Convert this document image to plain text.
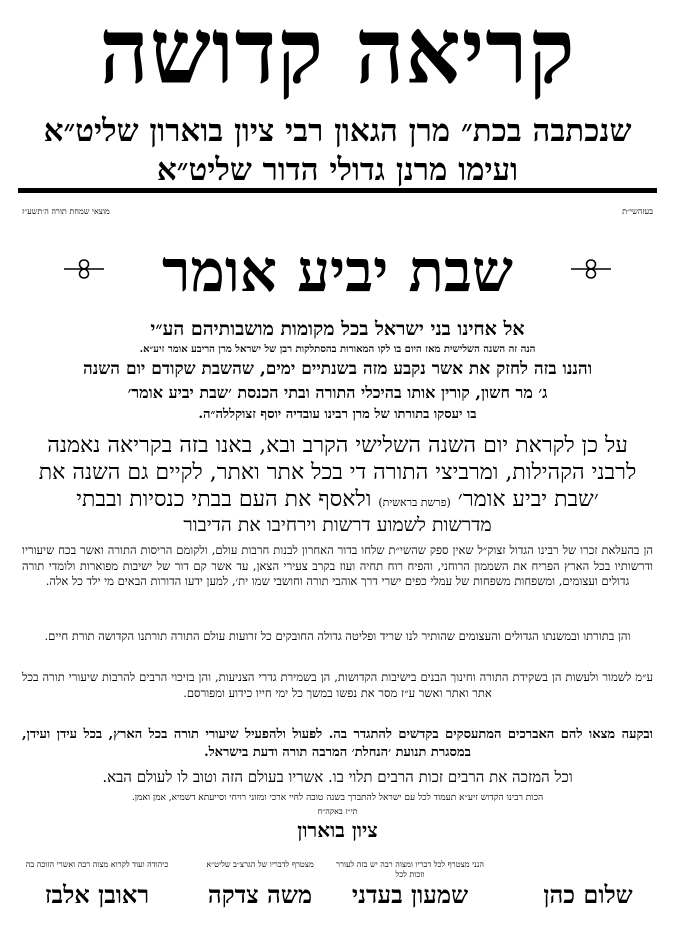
קריאה קדושה
שנכתבה בכת״ מרן הגאון רבי ציון בוארון שליט״א
ועימו מרנן גדולי הדור שליט״א
בעזהשי״ת
מוצאי שמחת תורה ה׳תשע״ז
שבת יביע אומר
אל אחינו בני ישראל בכל מקומות מושבותיהם הע״י
הנה זה השנה השלישית מאז היום בו לקו המאורות בהסתלקות רבן של ישראל מרן הריבע אומר זיע״א.
והננו בזה לחזק את אשר נקבע מזה בשנתיים ימים, שהשבת שקודם יום השנה
ג׳ מר חשון, קורין אותו בהיכלי התורה ובתי הכנסת ׳שבת יביע אומר׳
בו יעסקו בתורתו של מרן רבינו עובדיה יוסף זצוקללה״ה.
על כן לקראת יום השנה השלישי הקרב ובא, באנו בזה בקריאה נאמנה
לרבני הקהילות, ומרביצי התורה די בכל אתר ואתר, לקיים גם השנה את
׳שבת יביע אומר׳ (פרשת בראשית) ולאסף את העם בבתי כנסיות ובבתי
מדרשות לשמוע דרשות וירחיבו את הדיבור
הן בהעלאת זכרו של רבינו הגדול זצוק״ל שאין ספק שהשי״ת שלחו בדור האחרון לבנות חרבות עולם, ולקומם הריסות התורה ואשר בכח שיעוריו ודרשותיו בכל הארץ הפריח את השממון הרוחני, והפיח רוח תחיה ועוז בקרב צעירי הצאן, עד אשר קם דור של ישיבות מפוארות ולומדי תורה גדולים ועצומים, ומשפחות משפחות של עמלי כפים ישרי דרך אוהבי תורה וחושבי שמו ית׳, למען ידעו הדורות הבאים מי ילד כל אלה.
והן בתורתו ובמשנתו הגדולים והעצומים שהותיר לנו שריד ופליטה גדולה החובקים כל זרועות עולם התורה תורתנו הקדושה תורת חיים.
ע״מ לשמור ולעשות הן בשקידת התורה וחינוך הבנים בישיבות הקדושות, הן בשמירת גדרי הצניעות, והן בזיכוי הרבים להרבות שיעורי תורה בכל אתר ואתר ואשר ע״ז מסר את נפשו במשך כל ימי חייו כידוע ומפורסם.
ובקעה מצאו להם האברכים המתעסקים בקדשים להתגדר בה. לפעול ולהפעיל שיעורי תורה בכל הארץ, בכל עידן ועידן, במסגרת תנועת ׳הנחלת׳ המרבה תורה ודעת בישראל.
וכל המזכה את הרבים זכות הרבים תלוי בו. אשריו בעולם הזה וטוב לו לעולם הבא.
הכות רבינו הקדוש זיע״א תעמוד לכל עם ישראל להתברך בשנה טובה לחיי ארכי ומזוני רויחי וסייעתא דשמיא, אמן ואמן.
תי״ז באקה״ח
ציון בוארון
שלום כהן
הנני מצטרף לכל דבריו ומצוה רבה יש בזה לעורר וזכות לכל
שמעון בעדני
מצטרף לדבריו של הגרצ״ב שליט״א
משה צדקה
כיהודה ועוד לקרוא מצוה רבה ואשרי הזוכה בה
ראובן אלבז
